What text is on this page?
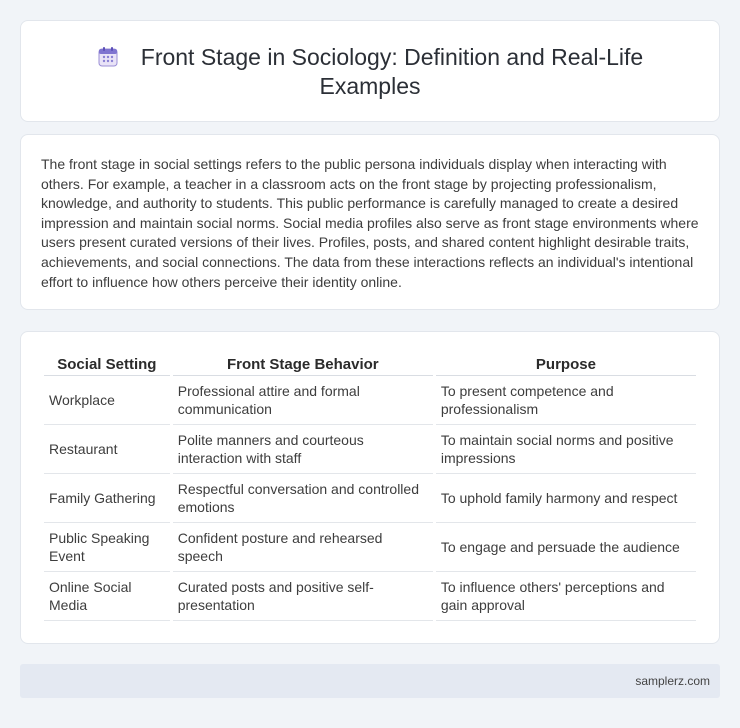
Front Stage in Sociology: Definition and Real-Life Examples

The front stage in social settings refers to the public persona individuals display when interacting with others. For example, a teacher in a classroom acts on the front stage by projecting professionalism, knowledge, and authority to students. This public performance is carefully managed to create a desired impression and maintain social norms. Social media profiles also serve as front stage environments where users present curated versions of their lives. Profiles, posts, and shared content highlight desirable traits, achievements, and social connections. The data from these interactions reflects an individual's intentional effort to influence how others perceive their identity online.

Social Setting	Front Stage Behavior	Purpose
Workplace	Professional attire and formal communication	To present competence and professionalism
Restaurant	Polite manners and courteous interaction with staff	To maintain social norms and positive impressions
Family Gathering	Respectful conversation and controlled emotions	To uphold family harmony and respect
Public Speaking Event	Confident posture and rehearsed speech	To engage and persuade the audience
Online Social Media	Curated posts and positive self-presentation	To influence others' perceptions and gain approval
samplerz.com
